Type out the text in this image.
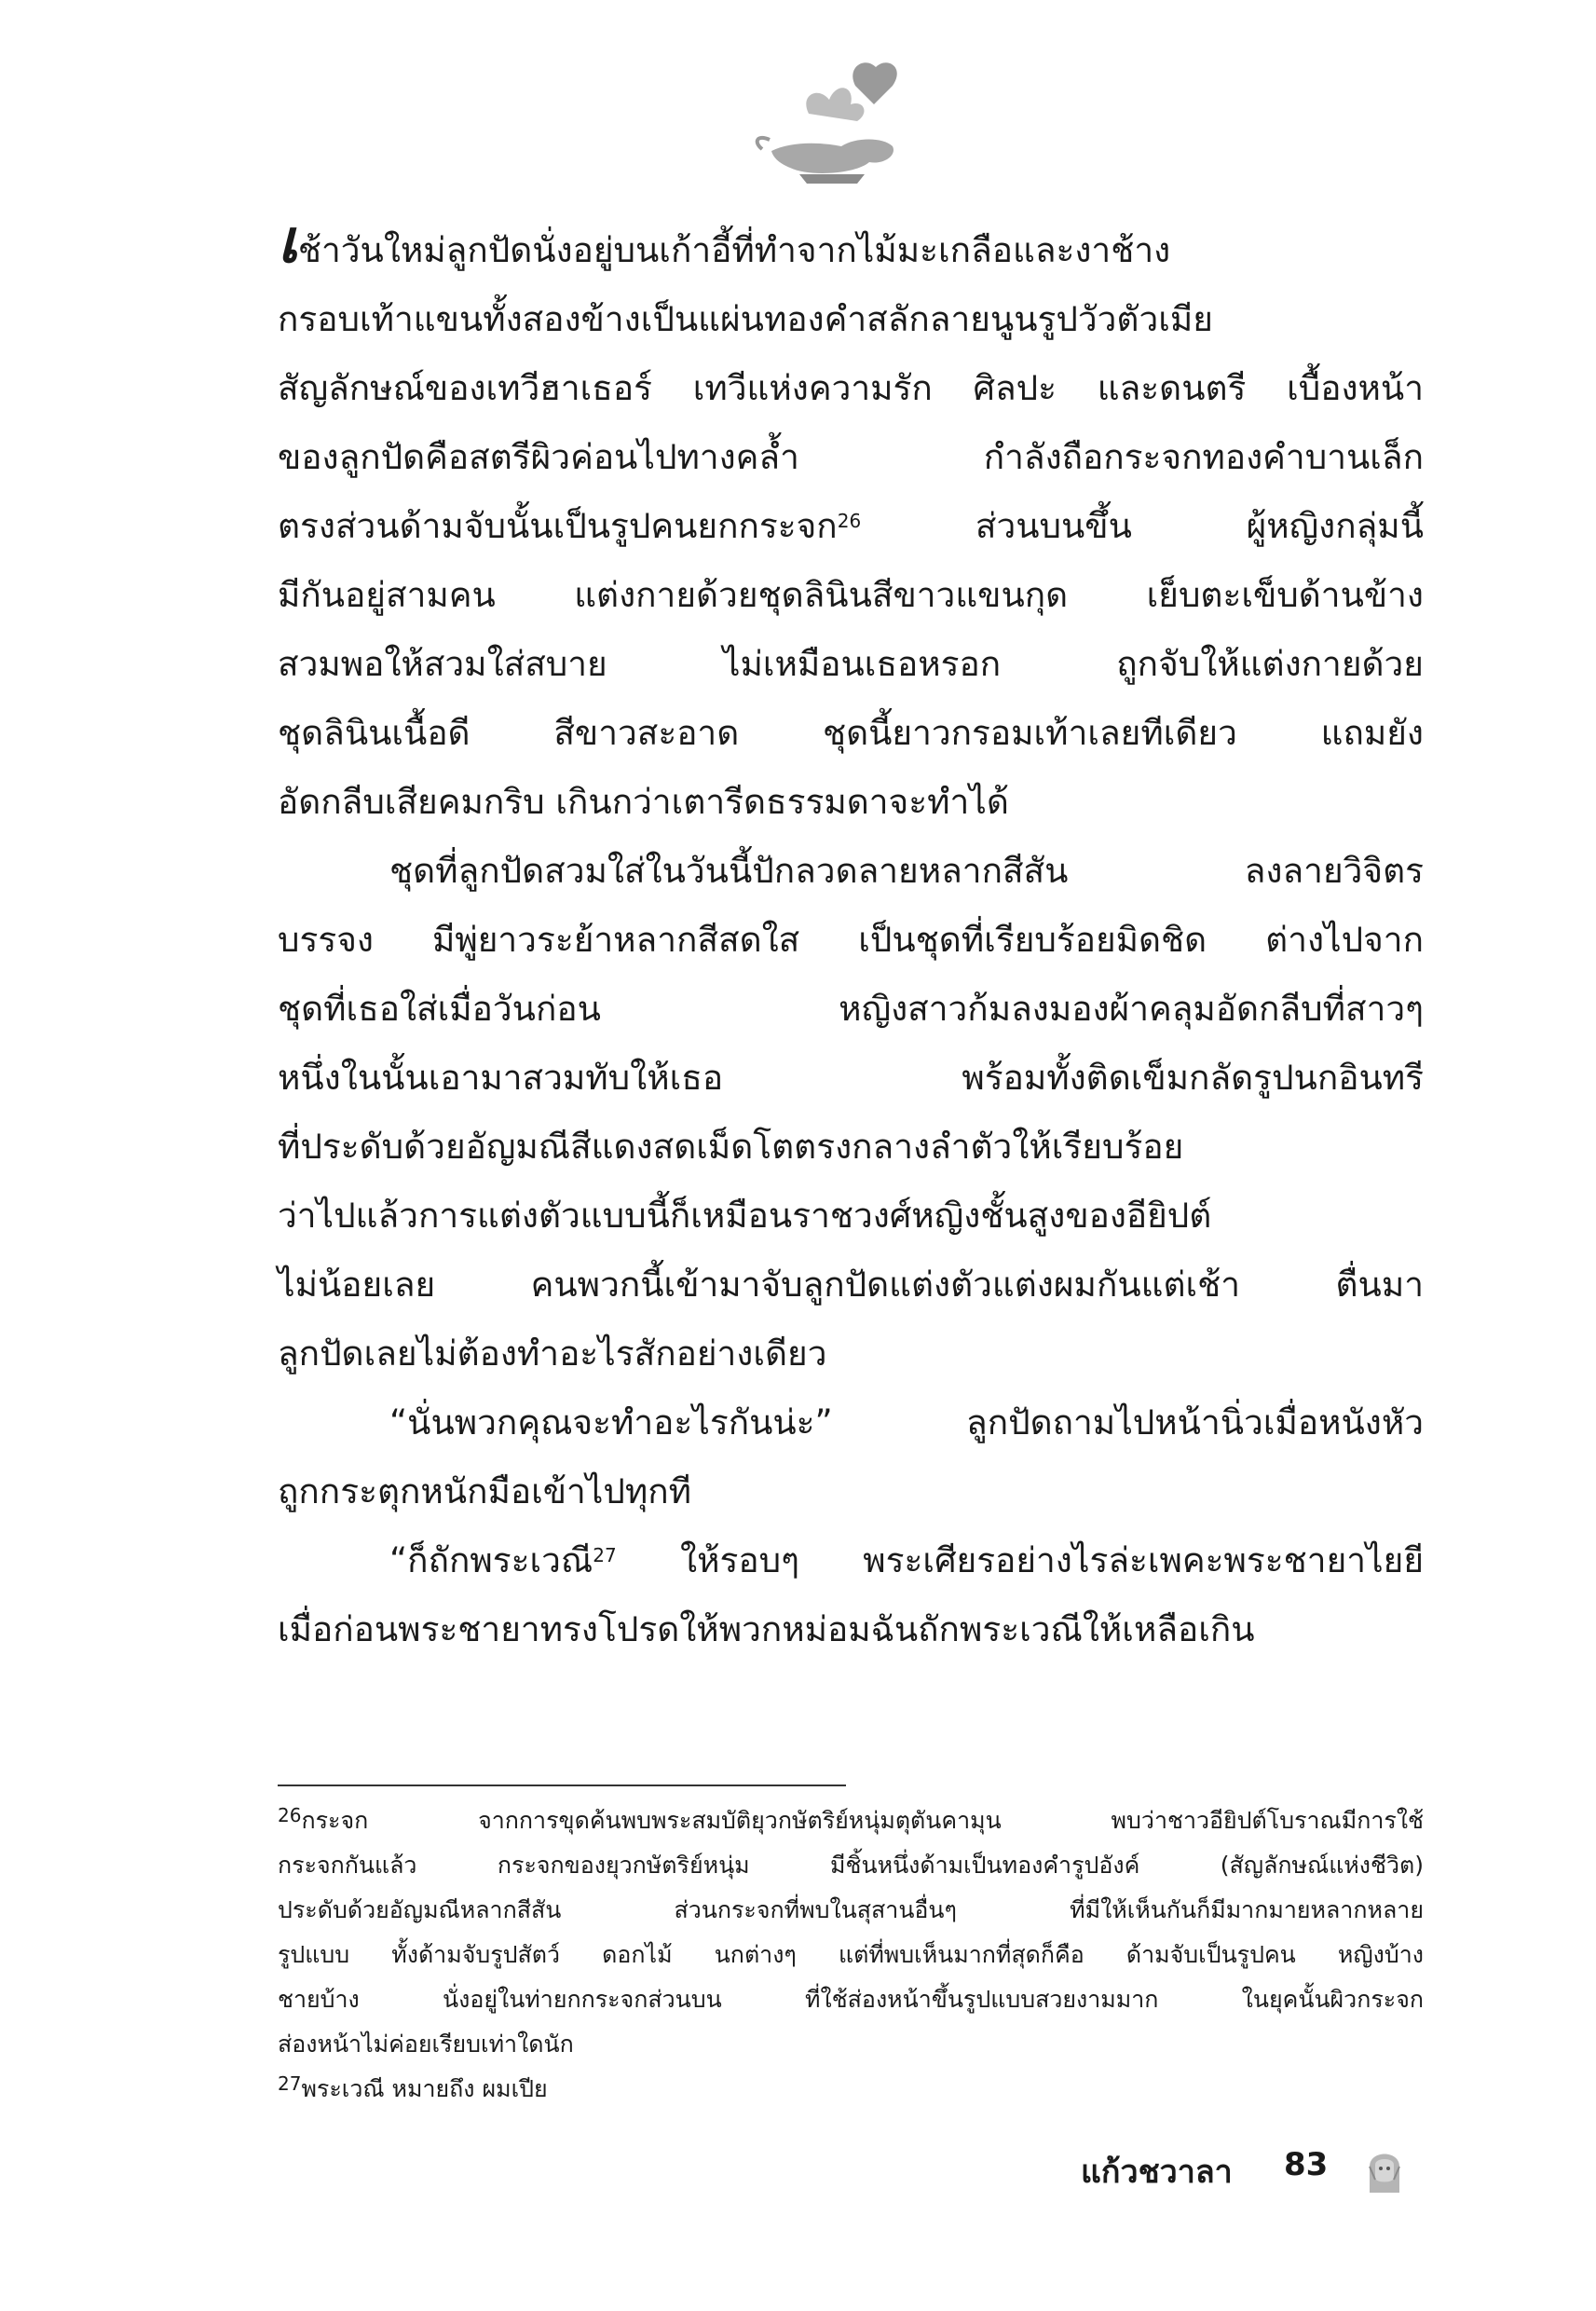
เช้าวันใหม่ลูกปัดนั่งอยู่บนเก้าอี้ที่ทำจากไม้มะเกลือและงาช้าง
กรอบเท้าแขนทั้งสองข้างเป็นแผ่นทองคำสลักลายนูนรูปวัวตัวเมีย
สัญลักษณ์ของเทวีฮาเธอร์ เทวีแห่งความรัก ศิลปะ และดนตรี เบื้องหน้า
ของลูกปัดคือสตรีผิวค่อนไปทางคล้ำ กำลังถือกระจกทองคำบานเล็ก
ตรงส่วนด้ามจับนั้นเป็นรูปคนยกกระจก$^{26}$ ส่วนบนขึ้น ผู้หญิงกลุ่มนี้
มีกันอยู่สามคน แต่งกายด้วยชุดลินินสีขาวแขนกุด เย็บตะเข็บด้านข้าง
สวมพอให้สวมใส่สบาย ไม่เหมือนเธอหรอก ถูกจับให้แต่งกายด้วย
ชุดลินินเนื้อดี สีขาวสะอาด ชุดนี้ยาวกรอมเท้าเลยทีเดียว แถมยัง
อัดกลีบเสียคมกริบ เกินกว่าเตารีดธรรมดาจะทำได้
ชุดที่ลูกปัดสวมใส่ในวันนี้ปักลวดลายหลากสีสัน ลงลายวิจิตร
บรรจง มีพู่ยาวระย้าหลากสีสดใส เป็นชุดที่เรียบร้อยมิดชิด ต่างไปจาก
ชุดที่เธอใส่เมื่อวันก่อน หญิงสาวก้มลงมองผ้าคลุมอัดกลีบที่สาวๆ
หนึ่งในนั้นเอามาสวมทับให้เธอ พร้อมทั้งติดเข็มกลัดรูปนกอินทรี
ที่ประดับด้วยอัญมณีสีแดงสดเม็ดโตตรงกลางลำตัวให้เรียบร้อย
ว่าไปแล้วการแต่งตัวแบบนี้ก็เหมือนราชวงศ์หญิงชั้นสูงของอียิปต์
ไม่น้อยเลย คนพวกนี้เข้ามาจับลูกปัดแต่งตัวแต่งผมกันแต่เช้า ตื่นมา
ลูกปัดเลยไม่ต้องทำอะไรสักอย่างเดียว
“นั่นพวกคุณจะทำอะไรกันน่ะ” ลูกปัดถามไปหน้านิ่วเมื่อหนังหัว
ถูกกระตุกหนักมือเข้าไปทุกที
“ก็ถักพระเวณี$^{27}$ ให้รอบๆ พระเศียรอย่างไรล่ะเพคะพระชายาไยยี
เมื่อก่อนพระชายาทรงโปรดให้พวกหม่อมฉันถักพระเวณีให้เหลือเกิน
$^{26}$กระจก จากการขุดค้นพบพระสมบัติยุวกษัตริย์หนุ่มตุตันคามุน พบว่าชาวอียิปต์โบราณมีการใช้
กระจกกันแล้ว กระจกของยุวกษัตริย์หนุ่ม มีชิ้นหนึ่งด้ามเป็นทองคำรูปอังค์ (สัญลักษณ์แห่งชีวิต)
ประดับด้วยอัญมณีหลากสีสัน ส่วนกระจกที่พบในสุสานอื่นๆ ที่มีให้เห็นกันก็มีมากมายหลากหลาย
รูปแบบ ทั้งด้ามจับรูปสัตว์ ดอกไม้ นกต่างๆ แต่ที่พบเห็นมากที่สุดก็คือ ด้ามจับเป็นรูปคน หญิงบ้าง
ชายบ้าง นั่งอยู่ในท่ายกกระจกส่วนบน ที่ใช้ส่องหน้าขึ้นรูปแบบสวยงามมาก ในยุคนั้นผิวกระจก
ส่องหน้าไม่ค่อยเรียบเท่าใดนัก
$^{27}$พระเวณี หมายถึง ผมเปีย
แก้วชวาลา 83
